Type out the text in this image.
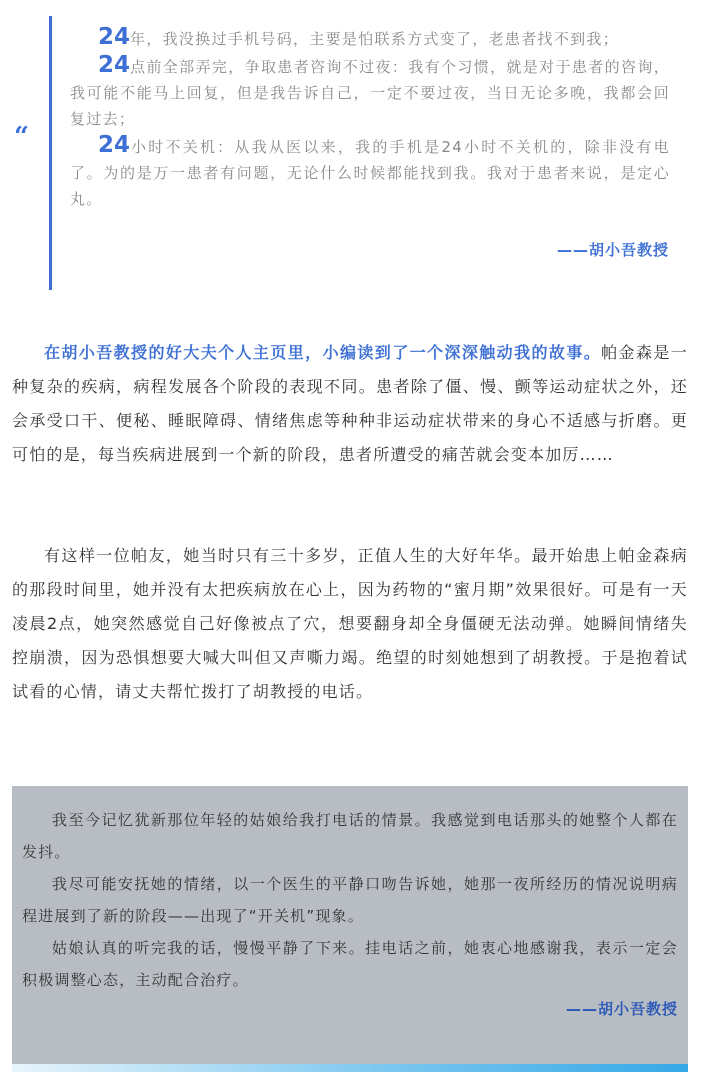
“

24年，我没换过手机号码，主要是怕联系方式变了，老患者找不到我；

24点前全部弄完，争取患者咨询不过夜：我有个习惯，就是对于患者的咨询，我可能不能马上回复，但是我告诉自己，一定不要过夜，当日无论多晚，我都会回复过去；

24小时不关机：从我从医以来，我的手机是24小时不关机的，除非没有电了。为的是万一患者有问题，无论什么时候都能找到我。我对于患者来说，是定心丸。

——胡小吾教授

在胡小吾教授的好大夫个人主页里，小编读到了一个深深触动我的故事。帕金森是一种复杂的疾病，病程发展各个阶段的表现不同。患者除了僵、慢、颤等运动症状之外，还会承受口干、便秘、睡眠障碍、情绪焦虑等种种非运动症状带来的身心不适感与折磨。更可怕的是，每当疾病进展到一个新的阶段，患者所遭受的痛苦就会变本加厉……

有这样一位帕友，她当时只有三十多岁，正值人生的大好年华。最开始患上帕金森病的那段时间里，她并没有太把疾病放在心上，因为药物的“蜜月期”效果很好。可是有一天凌晨2点，她突然感觉自己好像被点了穴，想要翻身却全身僵硬无法动弹。她瞬间情绪失控崩溃，因为恐惧想要大喊大叫但又声嘶力竭。绝望的时刻她想到了胡教授。于是抱着试试看的心情，请丈夫帮忙拨打了胡教授的电话。

我至今记忆犹新那位年轻的姑娘给我打电话的情景。我感觉到电话那头的她整个人都在发抖。

我尽可能安抚她的情绪，以一个医生的平静口吻告诉她，她那一夜所经历的情况说明病程进展到了新的阶段——出现了“开关机”现象。

姑娘认真的听完我的话，慢慢平静了下来。挂电话之前，她衷心地感谢我，表示一定会积极调整心态，主动配合治疗。

——胡小吾教授
